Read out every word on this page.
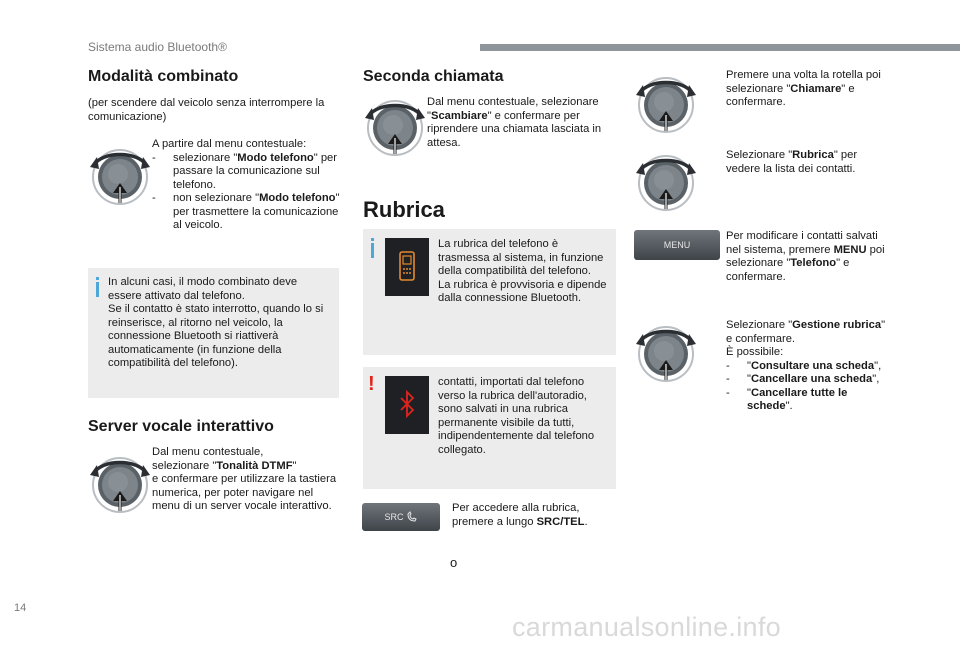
Sistema audio Bluetooth®
Modalità combinato
(per scendere dal veicolo senza interrompere la comunicazione)
A partire dal menu contestuale:
-	selezionare "Modo telefono" per passare la comunicazione sul telefono.
-	non selezionare "Modo telefono" per trasmettere la comunicazione al veicolo.
In alcuni casi, il modo combinato deve essere attivato dal telefono.
Se il contatto è stato interrotto, quando lo si reinserisce, al ritorno nel veicolo, la connessione Bluetooth si riattiverà automaticamente (in funzione della compatibilità del telefono).
Server vocale interattivo
Dal menu contestuale,
selezionare "Tonalità DTMF"
e confermare per utilizzare la tastiera numerica, per poter navigare nel menu di un server vocale interattivo.
Seconda chiamata
Dal menu contestuale, selezionare "Scambiare" e confermare per riprendere una chiamata lasciata in attesa.
Rubrica
La rubrica del telefono è trasmessa al sistema, in funzione della compatibilità del telefono.
La rubrica è provvisoria e dipende dalla connessione Bluetooth.
!	contatti, importati dal telefono verso la rubrica dell'autoradio, sono salvati in una rubrica permanente visibile da tutti, indipendentemente dal telefono collegato.
SRC
Per accedere alla rubrica, premere a lungo SRC/TEL.
Premere una volta la rotella poi selezionare "Chiamare" e confermare.
Selezionare "Rubrica" per vedere la lista dei contatti.
MENU
Per modificare i contatti salvati nel sistema, premere MENU poi selezionare "Telefono" e confermare.
Selezionare "Gestione rubrica" e confermare.
È possibile:
-	"Consultare una scheda",
-	"Cancellare una scheda",
-	"Cancellare tutte le schede".
o
14
carmanualsonline.info
